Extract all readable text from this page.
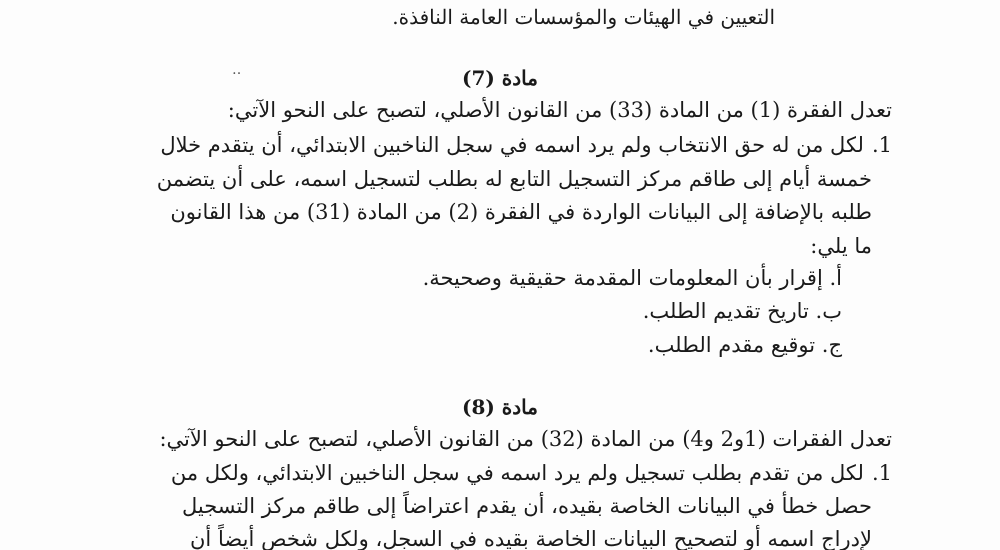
التعيين في الهيئات والمؤسسات العامة النافذة.
‥	مادة (7)
تعدل الفقرة (1) من المادة (33) من القانون الأصلي، لتصبح على النحو الآتي:
1.لكل من له حق الانتخاب ولم يرد اسمه في سجل الناخبين الابتدائي، أن يتقدم خلال
خمسة أيام إلى طاقم مركز التسجيل التابع له بطلب لتسجيل اسمه، على أن يتضمن
طلبه بالإضافة إلى البيانات الواردة في الفقرة (2) من المادة (31) من هذا القانون
ما يلي:
أ. إقرار بأن المعلومات المقدمة حقيقية وصحيحة.
ب. تاريخ تقديم الطلب.
ج. توقيع مقدم الطلب.
مادة (8)
تعدل الفقرات (1و2 و4) من المادة (32) من القانون الأصلي، لتصبح على النحو الآتي:
1.لكل من تقدم بطلب تسجيل ولم يرد اسمه في سجل الناخبين الابتدائي، ولكل من
حصل خطأ في البيانات الخاصة بقيده، أن يقدم اعتراضاً إلى طاقم مركز التسجيل
لإدراج اسمه أو لتصحيح البيانات الخاصة بقيده في السجل، ولكل شخص أيضاً أن
